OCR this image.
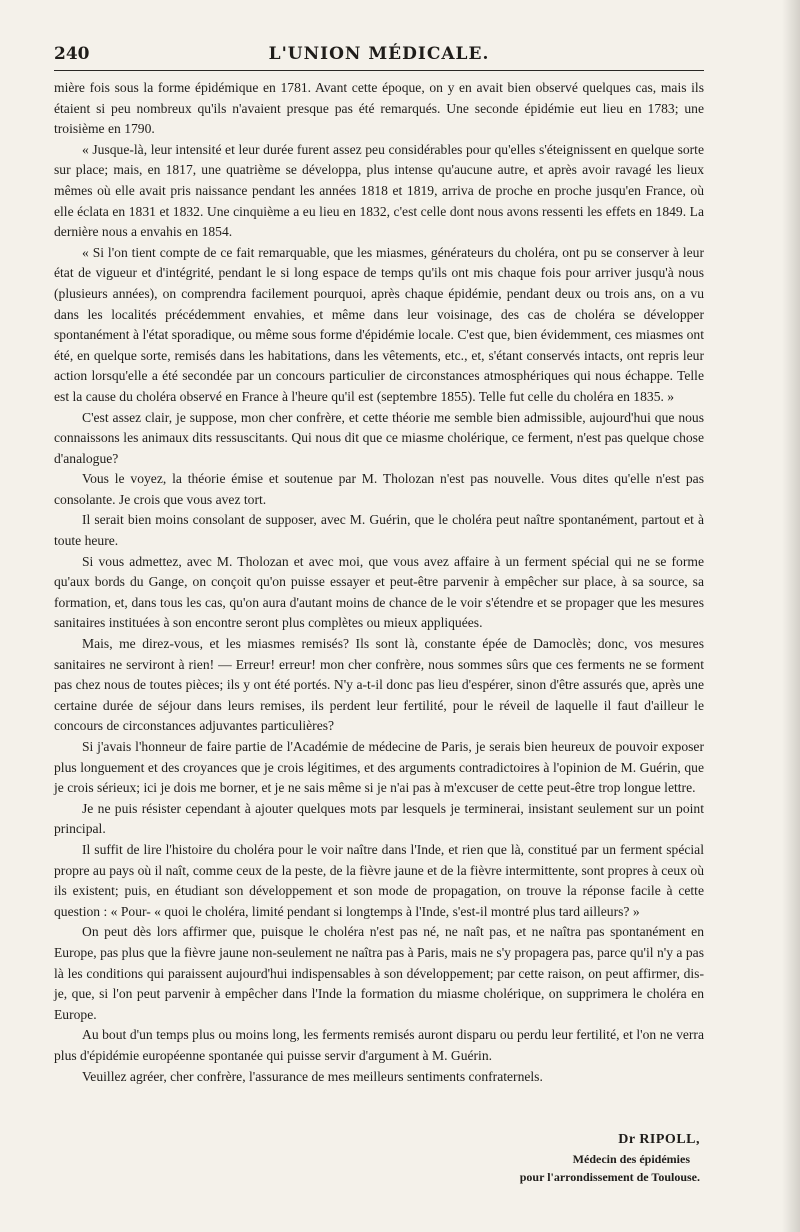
240	L'UNION MÉDICALE.

mière fois sous la forme épidémique en 1781. Avant cette époque, on y en avait bien observé quelques cas, mais ils étaient si peu nombreux qu'ils n'avaient presque pas été remarqués. Une seconde épidémie eut lieu en 1783; une troisième en 1790.

« Jusque-là, leur intensité et leur durée furent assez peu considérables pour qu'elles s'éteignissent en quelque sorte sur place; mais, en 1817, une quatrième se développa, plus intense qu'aucune autre, et après avoir ravagé les lieux mêmes où elle avait pris naissance pendant les années 1818 et 1819, arriva de proche en proche jusqu'en France, où elle éclata en 1831 et 1832. Une cinquième a eu lieu en 1832, c'est celle dont nous avons ressenti les effets en 1849. La dernière nous a envahis en 1854.

« Si l'on tient compte de ce fait remarquable, que les miasmes, générateurs du choléra, ont pu se conserver à leur état de vigueur et d'intégrité, pendant le si long espace de temps qu'ils ont mis chaque fois pour arriver jusqu'à nous (plusieurs années), on comprendra facilement pourquoi, après chaque épidémie, pendant deux ou trois ans, on a vu dans les localités précédemment envahies, et même dans leur voisinage, des cas de choléra se développer spontanément à l'état sporadique, ou même sous forme d'épidémie locale. C'est que, bien évidemment, ces miasmes ont été, en quelque sorte, remisés dans les habitations, dans les vêtements, etc., et, s'étant conservés intacts, ont repris leur action lorsqu'elle a été secondée par un concours particulier de circonstances atmosphériques qui nous échappe. Telle est la cause du choléra observé en France à l'heure qu'il est (septembre 1855). Telle fut celle du choléra en 1835. »

C'est assez clair, je suppose, mon cher confrère, et cette théorie me semble bien admissible, aujourd'hui que nous connaissons les animaux dits ressuscitants. Qui nous dit que ce miasme cholérique, ce ferment, n'est pas quelque chose d'analogue?

Vous le voyez, la théorie émise et soutenue par M. Tholozan n'est pas nouvelle. Vous dites qu'elle n'est pas consolante. Je crois que vous avez tort.

Il serait bien moins consolant de supposer, avec M. Guérin, que le choléra peut naître spontanément, partout et à toute heure.

Si vous admettez, avec M. Tholozan et avec moi, que vous avez affaire à un ferment spécial qui ne se forme qu'aux bords du Gange, on conçoit qu'on puisse essayer et peut-être parvenir à empêcher sur place, à sa source, sa formation, et, dans tous les cas, qu'on aura d'autant moins de chance de le voir s'étendre et se propager que les mesures sanitaires instituées à son encontre seront plus complètes ou mieux appliquées.

Mais, me direz-vous, et les miasmes remisés? Ils sont là, constante épée de Damoclès; donc, vos mesures sanitaires ne serviront à rien! — Erreur! erreur! mon cher confrère, nous sommes sûrs que ces ferments ne se forment pas chez nous de toutes pièces; ils y ont été portés. N'y a-t-il donc pas lieu d'espérer, sinon d'être assurés que, après une certaine durée de séjour dans leurs remises, ils perdent leur fertilité, pour le réveil de laquelle il faut d'ailleur le concours de circonstances adjuvantes particulières?

Si j'avais l'honneur de faire partie de l'Académie de médecine de Paris, je serais bien heureux de pouvoir exposer plus longuement et des croyances que je crois légitimes, et des arguments contradictoires à l'opinion de M. Guérin, que je crois sérieux; ici je dois me borner, et je ne sais même si je n'ai pas à m'excuser de cette peut-être trop longue lettre.

Je ne puis résister cependant à ajouter quelques mots par lesquels je terminerai, insistant seulement sur un point principal.

Il suffit de lire l'histoire du choléra pour le voir naître dans l'Inde, et rien que là, constitué par un ferment spécial propre au pays où il naît, comme ceux de la peste, de la fièvre jaune et de la fièvre intermittente, sont propres à ceux où ils existent; puis, en étudiant son développement et son mode de propagation, on trouve la réponse facile à cette question : « Pour- « quoi le choléra, limité pendant si longtemps à l'Inde, s'est-il montré plus tard ailleurs? »

On peut dès lors affirmer que, puisque le choléra n'est pas né, ne naît pas, et ne naîtra pas spontanément en Europe, pas plus que la fièvre jaune non-seulement ne naîtra pas à Paris, mais ne s'y propagera pas, parce qu'il n'y a pas là les conditions qui paraissent aujourd'hui indispensables à son développement; par cette raison, on peut affirmer, dis-je, que, si l'on peut parvenir à empêcher dans l'Inde la formation du miasme cholérique, on supprimera le choléra en Europe.

Au bout d'un temps plus ou moins long, les ferments remisés auront disparu ou perdu leur fertilité, et l'on ne verra plus d'épidémie européenne spontanée qui puisse servir d'argument à M. Guérin.

Veuillez agréer, cher confrère, l'assurance de mes meilleurs sentiments confraternels.

Dr RIPOLL,
Médecin des épidémies
pour l'arrondissement de Toulouse.
